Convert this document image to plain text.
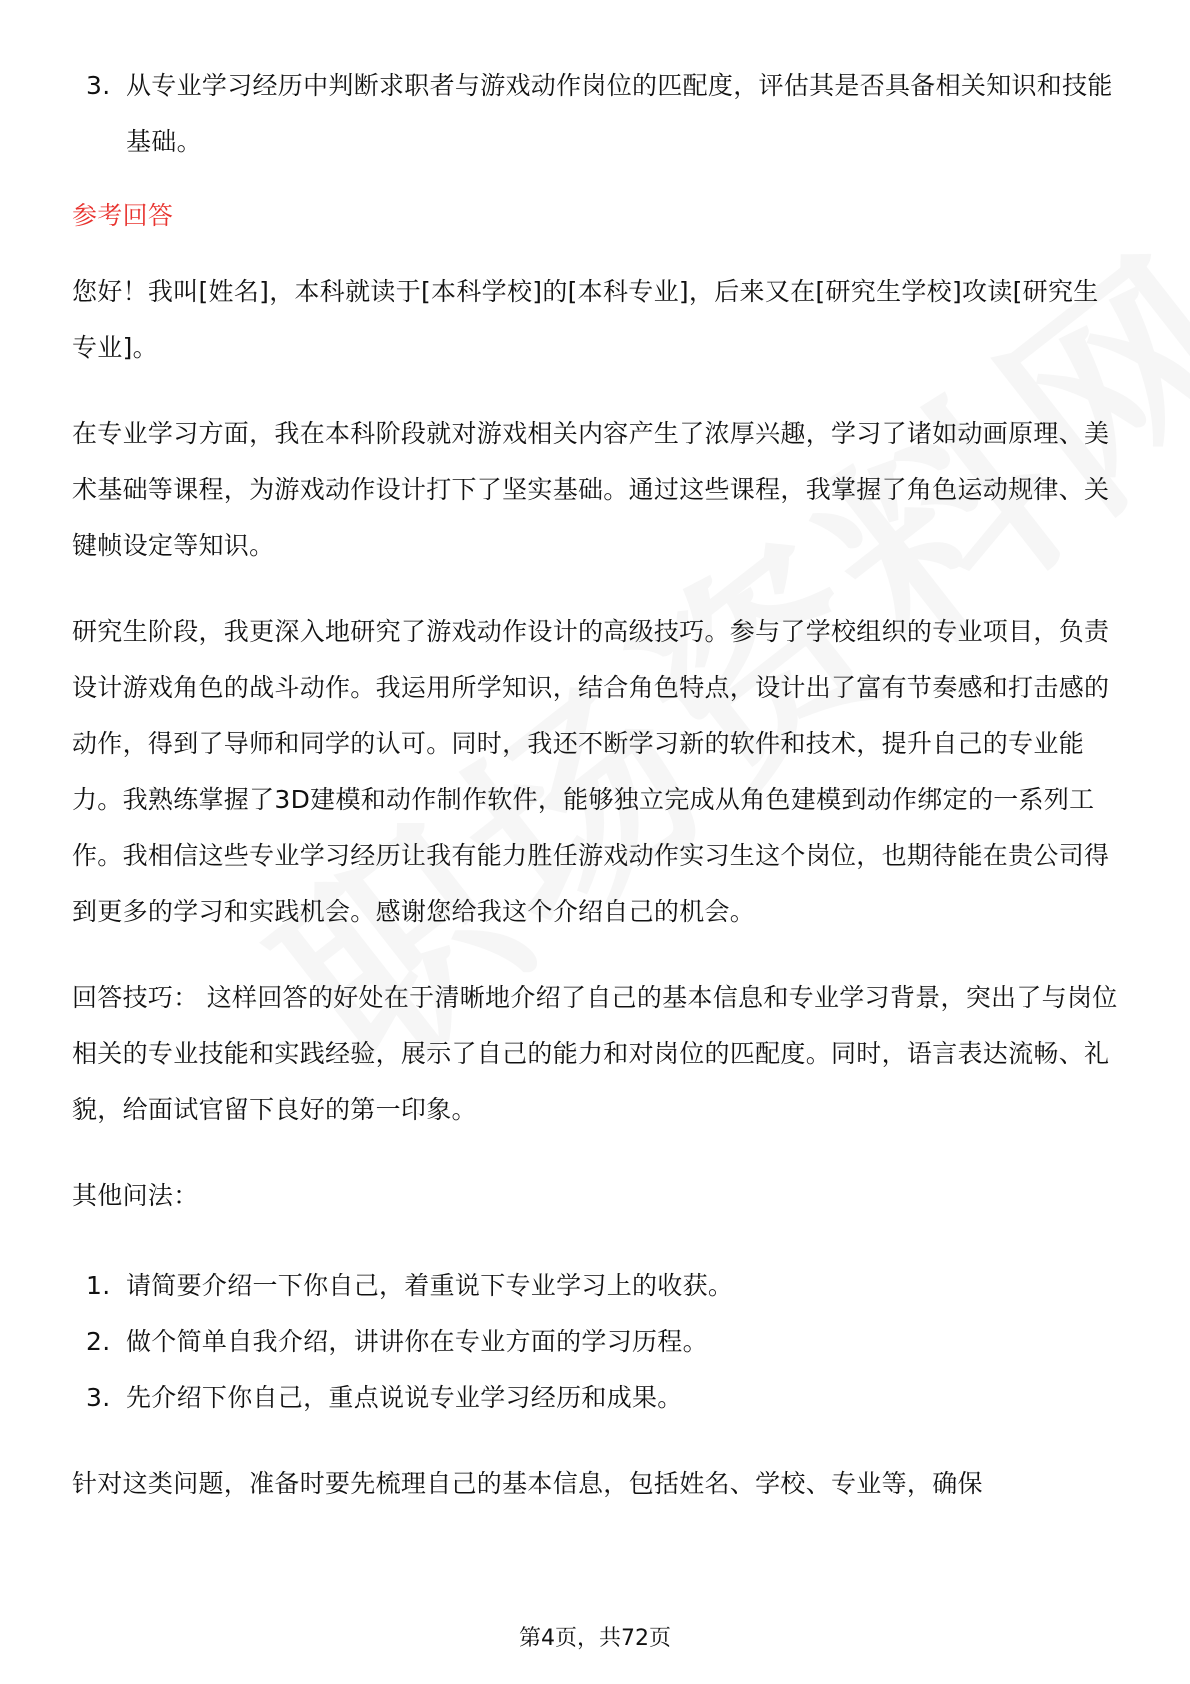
3. 从专业学习经历中判断求职者与游戏动作岗位的匹配度，评估其是否具备相关知识和技能基础。
参考回答

您好！我叫[姓名]，本科就读于[本科学校]的[本科专业]，后来又在[研究生学校]攻读[研究生专业]。

在专业学习方面，我在本科阶段就对游戏相关内容产生了浓厚兴趣，学习了诸如动画原理、美术基础等课程，为游戏动作设计打下了坚实基础。通过这些课程，我掌握了角色运动规律、关键帧设定等知识。

研究生阶段，我更深入地研究了游戏动作设计的高级技巧。参与了学校组织的专业项目，负责设计游戏角色的战斗动作。我运用所学知识，结合角色特点，设计出了富有节奏感和打击感的动作，得到了导师和同学的认可。同时，我还不断学习新的软件和技术，提升自己的专业能力。我熟练掌握了3D建模和动作制作软件，能够独立完成从角色建模到动作绑定的一系列工作。我相信这些专业学习经历让我有能力胜任游戏动作实习生这个岗位，也期待能在贵公司得到更多的学习和实践机会。感谢您给我这个介绍自己的机会。

回答技巧： 这样回答的好处在于清晰地介绍了自己的基本信息和专业学习背景，突出了与岗位相关的专业技能和实践经验，展示了自己的能力和对岗位的匹配度。同时，语言表达流畅、礼貌，给面试官留下良好的第一印象。

其他问法：

1. 请简要介绍一下你自己，着重说下专业学习上的收获。
2. 做个简单自我介绍，讲讲你在专业方面的学习历程。
3. 先介绍下你自己，重点说说专业学习经历和成果。

针对这类问题，准备时要先梳理自己的基本信息，包括姓名、学校、专业等，确保

第4页，共72页
